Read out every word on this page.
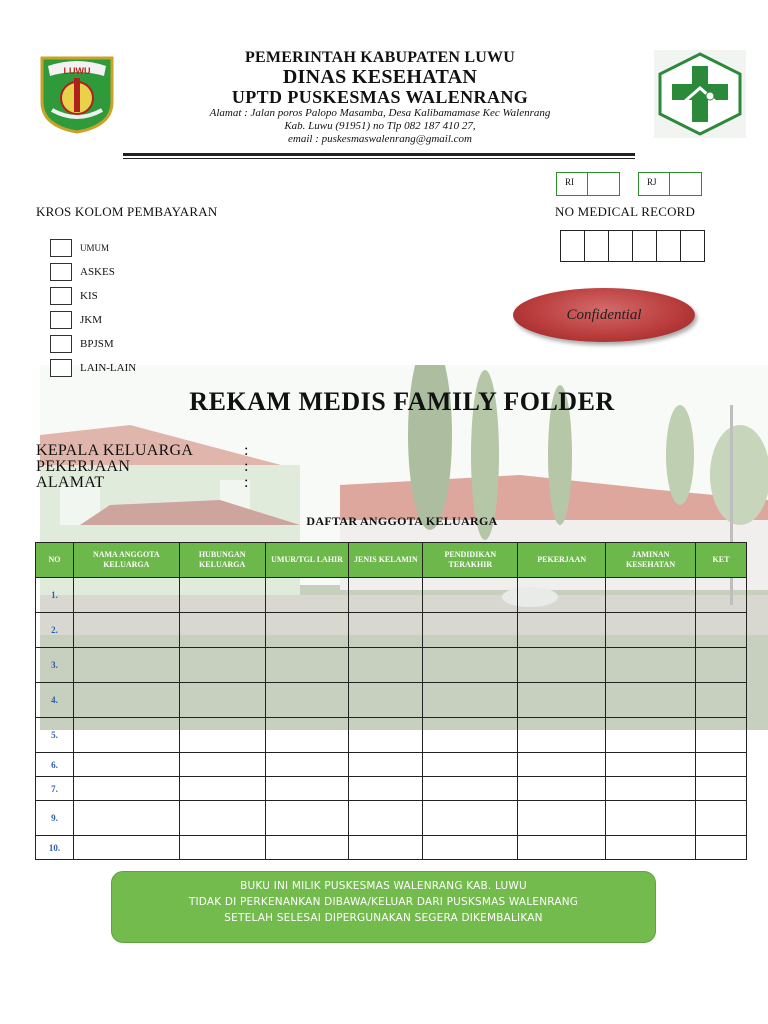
LUWU
PEMERINTAH KABUPATEN LUWU
DINAS KESEHATAN
UPTD PUSKESMAS WALENRANG
Alamat : Jalan poros Palopo Masamba, Desa Kalibamamase Kec Walenrang
Kab. Luwu (91951) no Tlp 082 187 410 27,
email : puskesmaswalenrang@gmail.com
RI	RJ
KROS KOLOM PEMBAYARAN	NO MEDICAL RECORD
UMUM
ASKES
KIS
JKM
BPJSM
LAIN-LAIN
Confidential
REKAM MEDIS FAMILY FOLDER
KEPALA KELUARGA	:
PEKERJAAN	:
ALAMAT	:
DAFTAR ANGGOTA KELUARGA
NO	NAMA ANGGOTA KELUARGA	HUBUNGAN KELUARGA	UMUR/TGL LAHIR	JENIS KELAMIN	PENDIDIKAN TERAKHIR	PEKERJAAN	JAMINAN KESEHATAN	KET
1.								
2.								
3.								
4.								
5.								
6.								
7.								
9.								
10.								
BUKU INI MILIK PUSKESMAS WALENRANG KAB. LUWU
TIDAK DI PERKENANKAN DIBAWA/KELUAR DARI PUSKSMAS WALENRANG
SETELAH SELESAI DIPERGUNAKAN SEGERA DIKEMBALIKAN
